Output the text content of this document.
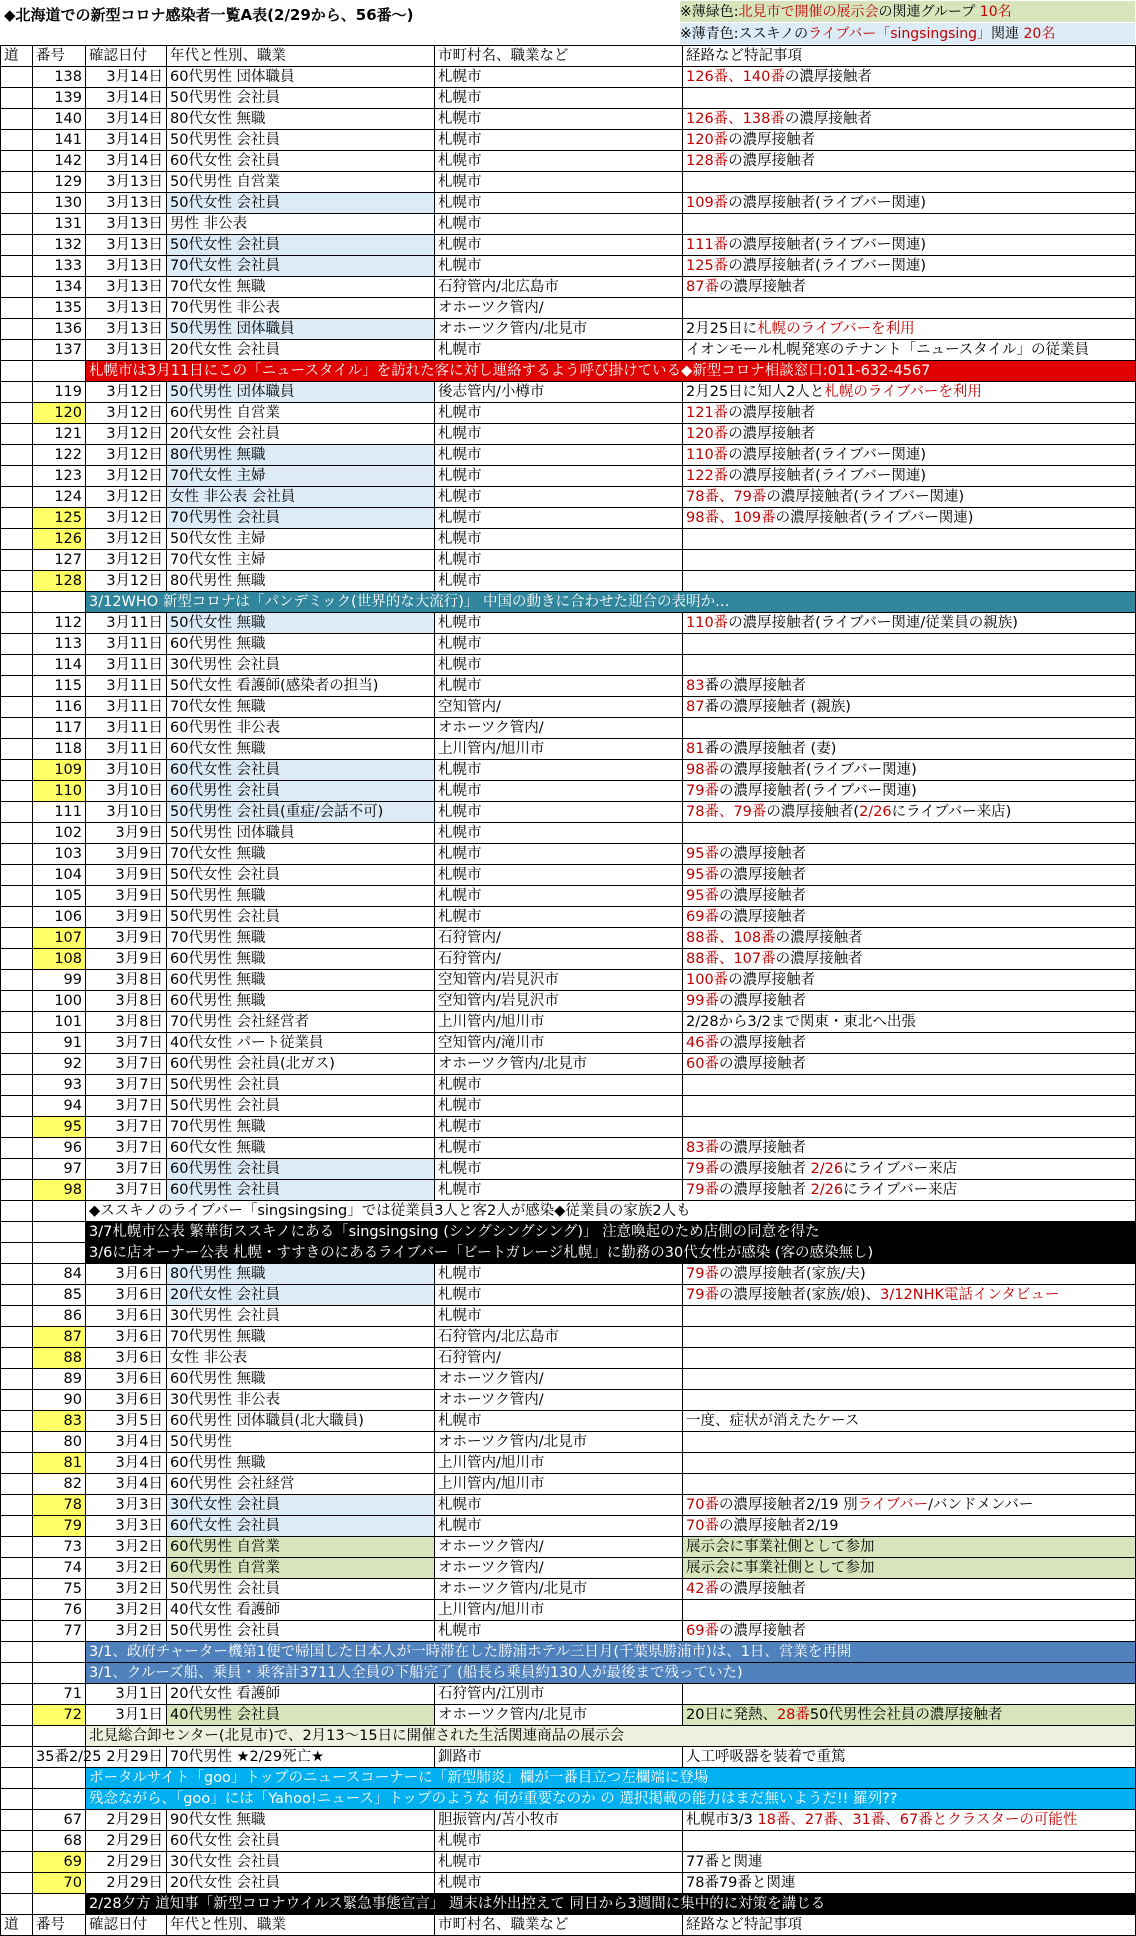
◆北海道での新型コロナ感染者一覧A表(2/29から、56番〜)	※薄緑色:北見市で開催の展示会の関連グループ 10名
※薄青色:ススキノのライブバー「singsingsing」関連 20名
道	番号	確認日付	年代と性別、職業	市町村名、職業など	経路など特記事項
	138	3月14日	60代男性 団体職員	札幌市	126番、140番の濃厚接触者
	139	3月14日	50代男性 会社員	札幌市	
	140	3月14日	80代女性 無職	札幌市	126番、138番の濃厚接触者
	141	3月14日	50代男性 会社員	札幌市	120番の濃厚接触者
	142	3月14日	60代女性 会社員	札幌市	128番の濃厚接触者
	129	3月13日	50代男性 自営業	札幌市	
	130	3月13日	50代女性 会社員	札幌市	109番の濃厚接触者(ライブバー関連)
	131	3月13日	男性 非公表	札幌市	
	132	3月13日	50代女性 会社員	札幌市	111番の濃厚接触者(ライブバー関連)
	133	3月13日	70代女性 会社員	札幌市	125番の濃厚接触者(ライブバー関連)
	134	3月13日	70代女性 無職	石狩管内/北広島市	87番の濃厚接触者
	135	3月13日	70代男性 非公表	オホーツク管内/	
	136	3月13日	50代男性 団体職員	オホーツク管内/北見市	2月25日に札幌のライブバーを利用
	137	3月13日	20代女性 会社員	札幌市	イオンモール札幌発寒のテナント「ニュースタイル」の従業員
		札幌市は3月11日にこの「ニュースタイル」を訪れた客に対し連絡するよう呼び掛けている◆新型コロナ相談窓口:011-632-4567			
	119	3月12日	50代男性 団体職員	後志管内/小樽市	2月25日に知人2人と札幌のライブバーを利用
	120	3月12日	60代男性 自営業	札幌市	121番の濃厚接触者
	121	3月12日	20代女性 会社員	札幌市	120番の濃厚接触者
	122	3月12日	80代男性 無職	札幌市	110番の濃厚接触者(ライブバー関連)
	123	3月12日	70代女性 主婦	札幌市	122番の濃厚接触者(ライブバー関連)
	124	3月12日	女性 非公表 会社員	札幌市	78番、79番の濃厚接触者(ライブバー関連)
	125	3月12日	70代男性 会社員	札幌市	98番、109番の濃厚接触者(ライブバー関連)
	126	3月12日	50代女性 主婦	札幌市	
	127	3月12日	70代女性 主婦	札幌市	
	128	3月12日	80代男性 無職	札幌市	
		3/12WHO 新型コロナは「パンデミック(世界的な大流行)」 中国の動きに合わせた迎合の表明か…			
	112	3月11日	50代女性 無職	札幌市	110番の濃厚接触者(ライブバー関連/従業員の親族)
	113	3月11日	60代男性 無職	札幌市	
	114	3月11日	30代男性 会社員	札幌市	
	115	3月11日	50代女性 看護師(感染者の担当)	札幌市	83番の濃厚接触者
	116	3月11日	70代女性 無職	空知管内/	87番の濃厚接触者 (親族)
	117	3月11日	60代男性 非公表	オホーツク管内/	
	118	3月11日	60代女性 無職	上川管内/旭川市	81番の濃厚接触者 (妻)
	109	3月10日	60代女性 会社員	札幌市	98番の濃厚接触者(ライブバー関連)
	110	3月10日	60代男性 会社員	札幌市	79番の濃厚接触者(ライブバー関連)
	111	3月10日	50代男性 会社員(重症/会話不可)	札幌市	78番、79番の濃厚接触者(2/26にライブバー来店)
	102	3月9日	50代男性 団体職員	札幌市	
	103	3月9日	70代女性 無職	札幌市	95番の濃厚接触者
	104	3月9日	50代女性 会社員	札幌市	95番の濃厚接触者
	105	3月9日	50代男性 無職	札幌市	95番の濃厚接触者
	106	3月9日	50代男性 会社員	札幌市	69番の濃厚接触者
	107	3月9日	70代男性 無職	石狩管内/	88番、108番の濃厚接触者
	108	3月9日	60代男性 無職	石狩管内/	88番、107番の濃厚接触者
	99	3月8日	60代男性 無職	空知管内/岩見沢市	100番の濃厚接触者
	100	3月8日	60代男性 無職	空知管内/岩見沢市	99番の濃厚接触者
	101	3月8日	70代男性 会社経営者	上川管内/旭川市	2/28から3/2まで関東・東北へ出張
	91	3月7日	40代女性 パート従業員	空知管内/滝川市	46番の濃厚接触者
	92	3月7日	60代男性 会社員(北ガス)	オホーツク管内/北見市	60番の濃厚接触者
	93	3月7日	50代男性 会社員	札幌市	
	94	3月7日	50代男性 会社員	札幌市	
	95	3月7日	70代男性 無職	札幌市	
	96	3月7日	60代女性 無職	札幌市	83番の濃厚接触者
	97	3月7日	60代男性 会社員	札幌市	79番の濃厚接触者 2/26にライブバー来店
	98	3月7日	60代男性 会社員	札幌市	79番の濃厚接触者 2/26にライブバー来店
		◆ススキノのライブバー「singsingsing」では従業員3人と客2人が感染◆従業員の家族2人も			
		3/7札幌市公表 繁華街ススキノにある「singsingsing (シングシングシング)」 注意喚起のため店側の同意を得た			
		3/6に店オーナー公表 札幌・すすきのにあるライブバー「ビートガレージ札幌」に勤務の30代女性が感染 (客の感染無し)			
	84	3月6日	80代男性 無職	札幌市	79番の濃厚接触者(家族/夫)
	85	3月6日	20代女性 会社員	札幌市	79番の濃厚接触者(家族/娘)、3/12NHK電話インタビュー
	86	3月6日	30代男性 会社員	札幌市	
	87	3月6日	70代男性 無職	石狩管内/北広島市	
	88	3月6日	女性 非公表	石狩管内/	
	89	3月6日	60代男性 無職	オホーツク管内/	
	90	3月6日	30代男性 非公表	オホーツク管内/	
	83	3月5日	60代男性 団体職員(北大職員)	札幌市	一度、症状が消えたケース
	80	3月4日	50代男性	オホーツク管内/北見市	
	81	3月4日	60代男性 無職	上川管内/旭川市	
	82	3月4日	60代男性 会社経営	上川管内/旭川市	
	78	3月3日	30代女性 会社員	札幌市	70番の濃厚接触者2/19 別ライブバー/バンドメンバー
	79	3月3日	60代女性 会社員	札幌市	70番の濃厚接触者2/19
	73	3月2日	60代男性 自営業	オホーツク管内/	展示会に事業社側として参加
	74	3月2日	60代男性 自営業	オホーツク管内/	展示会に事業社側として参加
	75	3月2日	50代男性 会社員	オホーツク管内/北見市	42番の濃厚接触者
	76	3月2日	40代女性 看護師	上川管内/旭川市	
	77	3月2日	50代男性 会社員	札幌市	69番の濃厚接触者
		3/1、政府チャーター機第1便で帰国した日本人が一時滞在した勝浦ホテル三日月(千葉県勝浦市)は、1日、営業を再開			
		3/1、クルーズ船、乗員・乗客計3711人全員の下船完了 (船長ら乗員約130人が最後まで残っていた)			
	71	3月1日	20代女性 看護師	石狩管内/江別市	
	72	3月1日	40代男性 会社員	オホーツク管内/北見市	20日に発熱、28番50代男性会社員の濃厚接触者
		北見総合卸センター(北見市)で、2月13〜15日に開催された生活関連商品の展示会			
	35番2/25	2月29日	70代男性 ★2/29死亡★	釧路市	人工呼吸器を装着で重篤
		ポータルサイト「goo」トップのニュースコーナーに「新型肺炎」欄が一番目立つ左欄端に登場			
		残念ながら、「goo」には「Yahoo!ニュース」トップのような 何が重要なのか の 選択掲載の能力はまだ無いようだ!! 羅列??			
	67	2月29日	90代女性 無職	胆振管内/苫小牧市	札幌市3/3 18番、27番、31番、67番とクラスターの可能性
	68	2月29日	60代女性 会社員	札幌市	
	69	2月29日	30代女性 会社員	札幌市	77番と関連
	70	2月29日	20代女性 会社員	札幌市	78番79番と関連
		2/28夕方 道知事「新型コロナウイルス緊急事態宣言」 週末は外出控えて 同日から3週間に集中的に対策を講じる			
道	番号	確認日付	年代と性別、職業	市町村名、職業など	経路など特記事項
